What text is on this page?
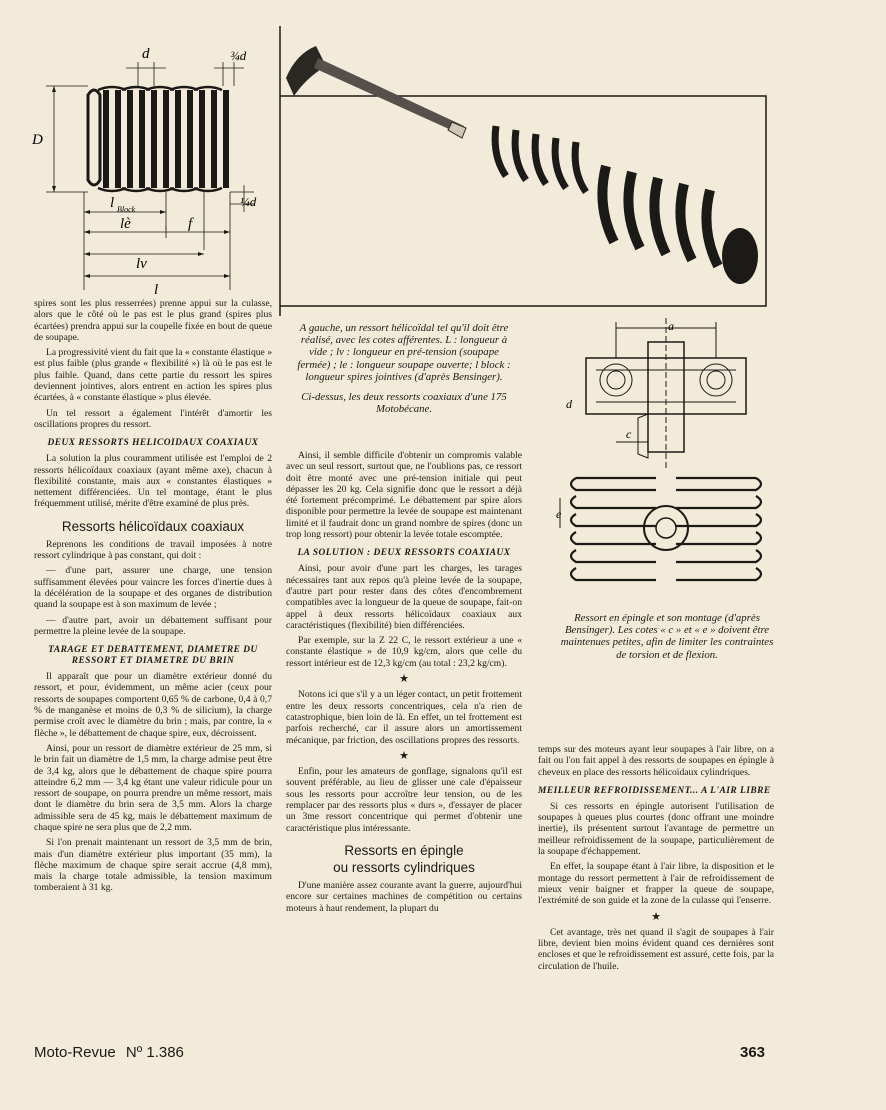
d	¾d
D
¼d
l Block
lè	f
lv
l
a
d
c
e

A gauche, un ressort hélicoïdal tel qu'il doit être réalisé, avec les cotes afférentes. L : longueur à vide ; lv : longueur en pré-tension (soupape fermée) ; le : longueur soupape ouverte; l block : longueur spires jointives (d'après Bensinger).

Ci-dessus, les deux ressorts coaxiaux d'une 175 Motobécane.

Ressort en épingle et son montage (d'après Bensinger). Les cotes « c » et « e » doivent être maintenues petites, afin de limiter les contraintes de torsion et de flexion.

spires sont les plus resserrées) prenne appui sur la culasse, alors que le côté où le pas est le plus grand (spires plus écartées) prendra appui sur la coupelle fixée en bout de queue de soupape.

La progressivité vient du fait que la « constante élastique » est plus faible (plus grande « flexibilité ») là où le pas est le plus faible. Quand, dans cette partie du ressort les spires deviennent jointives, alors entrent en action les spires plus écartées, à « constante élastique » plus élevée.

Un tel ressort a également l'intérêt d'amortir les oscillations propres du ressort.

DEUX RESSORTS HELICOIDAUX COAXIAUX

La solution la plus couramment utilisée est l'emploi de 2 ressorts hélicoïdaux coaxiaux (ayant même axe), chacun à flexibilité constante, mais aux « constantes élastiques » nettement différenciées. Un tel montage, étant le plus fréquemment utilisé, mérite d'être examiné de plus près.

Ressorts hélicoïdaux coaxiaux

Reprenons les conditions de travail imposées à notre ressort cylindrique à pas constant, qui doit :

— d'une part, assurer une charge, une tension suffisamment élevées pour vaincre les forces d'inertie dues à la décélération de la soupape et des organes de distribution quand la soupape est à son maximum de levée ;

— d'autre part, avoir un débattement suffisant pour permettre la pleine levée de la soupape.

TARAGE ET DEBATTEMENT, DIAMETRE DU RESSORT ET DIAMETRE DU BRIN

Il apparaît que pour un diamètre extérieur donné du ressort, et pour, évidemment, un même acier (ceux pour ressorts de soupapes comportent 0,65 % de carbone, 0,4 à 0,7 % de manganèse et moins de 0,3 % de silicium), la charge permise croît avec le diamètre du brin ; mais, par contre, la « flèche », le débattement de chaque spire, eux, décroissent.

Ainsi, pour un ressort de diamètre extérieur de 25 mm, si le brin fait un diamètre de 1,5 mm, la charge admise peut être de 3,4 kg, alors que le débattement de chaque spire pourra atteindre 6,2 mm — 3,4 kg étant une valeur ridicule pour un ressort de soupape, on pourra prendre un même ressort, mais dont le diamètre du brin sera de 3,5 mm. Alors la charge admissible sera de 45 kg, mais le débattement maximum de chaque spire ne sera plus que de 2,2 mm.

Si l'on prenait maintenant un ressort de 3,5 mm de brin, mais d'un diamètre extérieur plus important (35 mm), la flèche maximum de chaque spire serait accrue (4,8 mm), mais la charge totale admissible, la tension maximum tomberaient à 31 kg.

Ainsi, il semble difficile d'obtenir un compromis valable avec un seul ressort, surtout que, ne l'oublions pas, ce ressort doit être monté avec une pré-tension initiale qui peut dépasser les 20 kg. Cela signifie donc que le ressort a déjà été fortement précomprimé. Le débattement par spire alors disponible pour permettre la levée de soupape est maintenant limité et il faudrait donc un grand nombre de spires (donc un trop long ressort) pour obtenir la levée totale escomptée.

LA SOLUTION : DEUX RESSORTS COAXIAUX

Ainsi, pour avoir d'une part les charges, les tarages nécessaires tant aux repos qu'à pleine levée de la soupape, d'autre part pour rester dans des côtes d'encombrement compatibles avec la longueur de la queue de soupape, fait-on appel à deux ressorts hélicoïdaux coaxiaux aux caractéristiques (flexibilité) bien différenciées.

Par exemple, sur la Z 22 C, le ressort extérieur a une « constante élastique » de 10,9 kg/cm, alors que celle du ressort intérieur est de 12,3 kg/cm (au total : 23,2 kg/cm).

★

Notons ici que s'il y a un léger contact, un petit frottement entre les deux ressorts concentriques, cela n'a rien de catastrophique, bien loin de là. En effet, un tel frottement est parfois recherché, car il assure alors un amortissement mécanique, par friction, des oscillations propres des ressorts.

★

Enfin, pour les amateurs de gonflage, signalons qu'il est souvent préférable, au lieu de glisser une cale d'épaisseur sous les ressorts pour accroître leur tension, ou de les remplacer par des ressorts plus « durs », d'essayer de placer un 3me ressort concentrique qui permet d'obtenir une caractéristique plus intéressante.

Ressorts en épingle

ou ressorts cylindriques

D'une manière assez courante avant la guerre, aujourd'hui encore sur certaines machines de compétition ou certains moteurs à haut rendement, la plupart du

temps sur des moteurs ayant leur soupapes à l'air libre, on a fait ou l'on fait appel à des ressorts de soupapes en épingle à cheveux en place des ressorts hélicoïdaux cylindriques.

MEILLEUR REFROIDISSEMENT... A L'AIR LIBRE

Si ces ressorts en épingle autorisent l'utilisation de soupapes à queues plus courtes (donc offrant une moindre inertie), ils présentent surtout l'avantage de permettre un meilleur refroidissement de la soupape, particulièrement de la soupape d'échappement.

En effet, la soupape étant à l'air libre, la disposition et le montage du ressort permettent à l'air de refroidissement de mieux venir baigner et frapper la queue de soupape, l'extrémité de son guide et la zone de la culasse qui l'enserre.

★

Cet avantage, très net quand il s'agit de soupapes à l'air libre, devient bien moins évident quand ces dernières sont encloses et que le refroidissement est assuré, cette fois, par la circulation de l'huile.

Moto-Revue Nº 1.386	363
